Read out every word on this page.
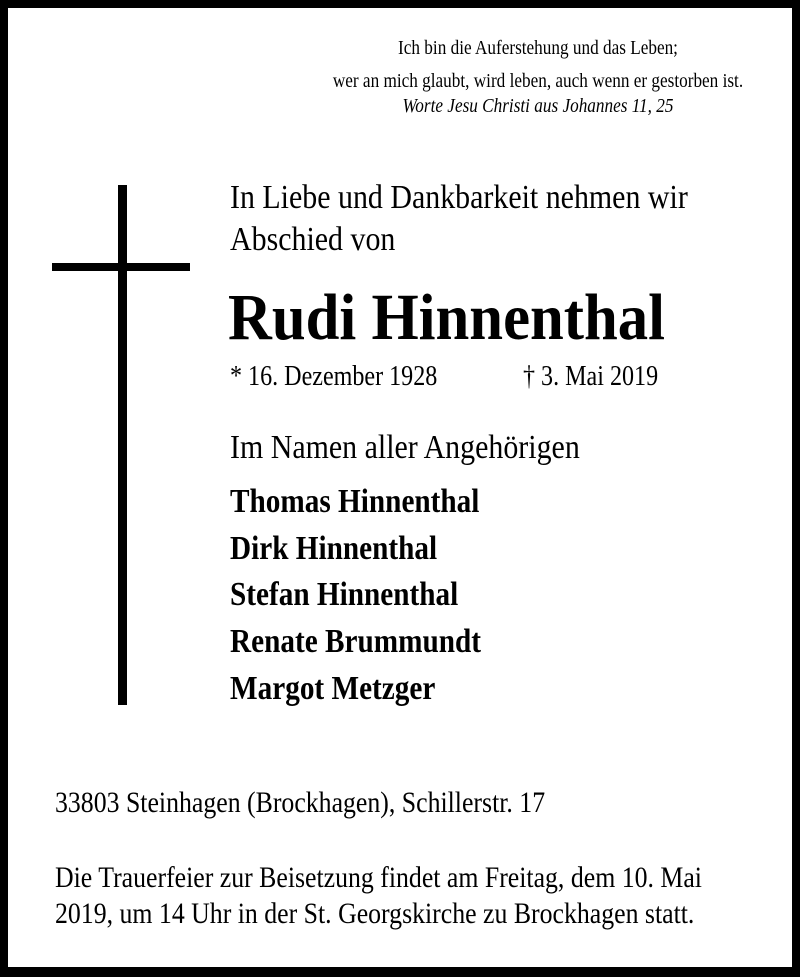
Ich bin die Auferstehung und das Leben;
wer an mich glaubt, wird leben, auch wenn er gestorben ist.
Worte Jesu Christi aus Johannes 11, 25
In Liebe und Dankbarkeit nehmen wir
Abschied von
Rudi Hinnenthal
* 16. Dezember 1928	† 3. Mai 2019
Im Namen aller Angehörigen
Thomas Hinnenthal
Dirk Hinnenthal
Stefan Hinnenthal
Renate Brummundt
Margot Metzger
33803 Steinhagen (Brockhagen), Schillerstr. 17
Die Trauerfeier zur Beisetzung findet am Freitag, dem 10. Mai
2019, um 14 Uhr in der St. Georgskirche zu Brockhagen statt.
